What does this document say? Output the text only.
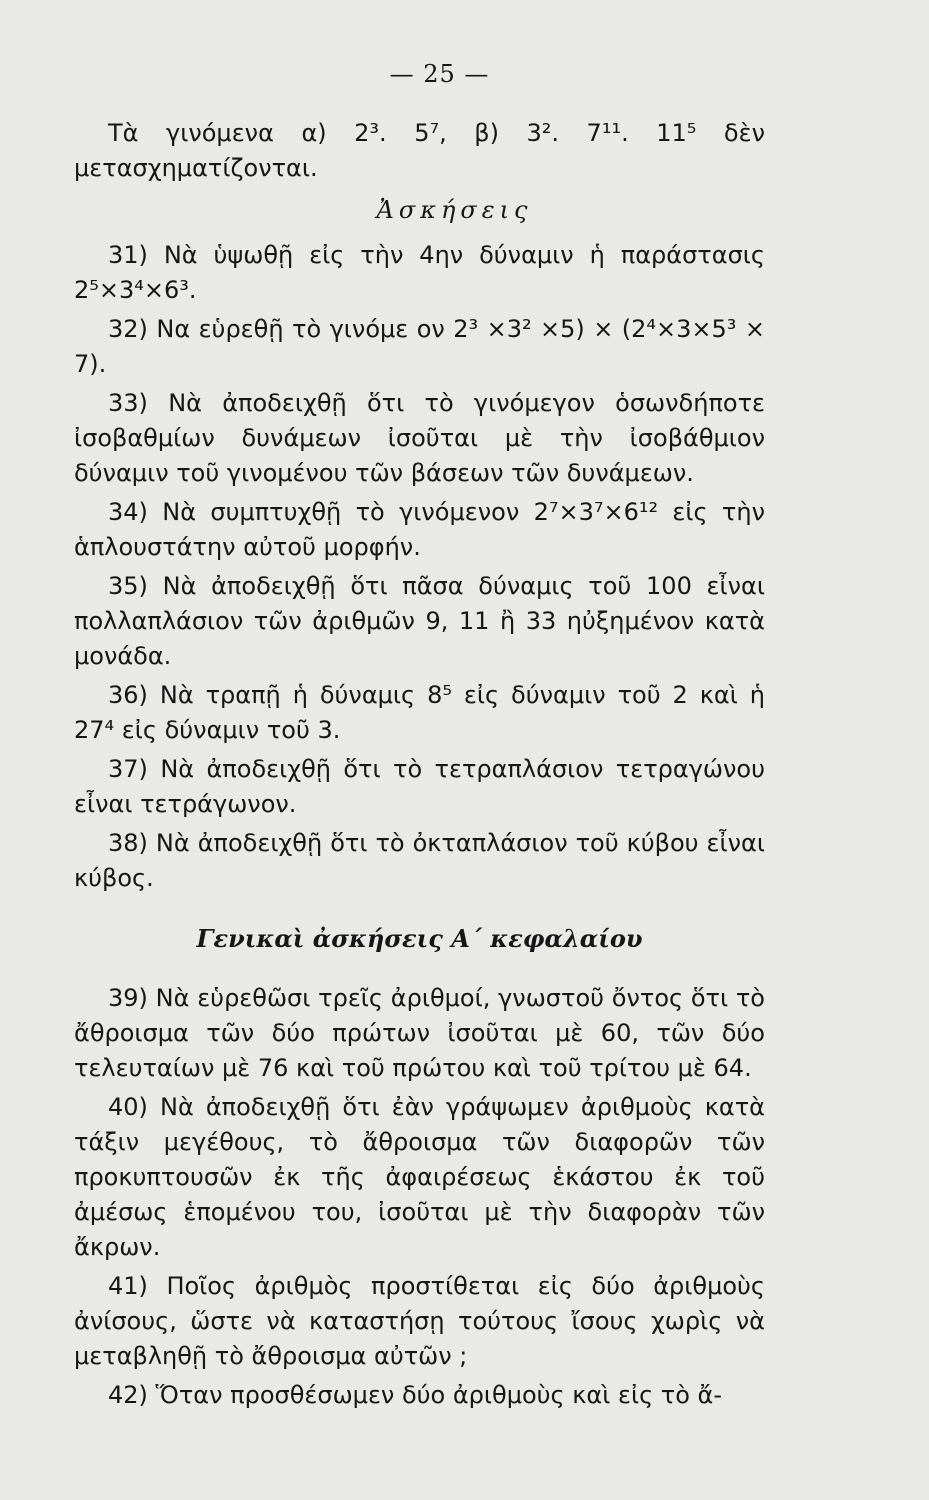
— 25 —

Τὰ γινόμενα α) 2³. 5⁷, β) 3². 7¹¹. 11⁵ δὲν μετασχηματίζονται.

Ἀσκήσεις

31) Νὰ ὑψωθῇ εἰς τὴν 4ην δύναμιν ἡ παράστασις 2⁵×3⁴×6³.

32) Να εὑρεθῇ τὸ γινόμε ον 2³ ×3² ×5) × (2⁴×3×5³ × 7).

33) Νὰ ἀποδειχθῇ ὅτι τὸ γινόμεγον ὁσωνδήποτε ἰσοβαθμίων δυνάμεων ἰσοῦται μὲ τὴν ἰσοβάθμιον δύναμιν τοῦ γινομένου τῶν βάσεων τῶν δυνάμεων.

34) Νὰ συμπτυχθῇ τὸ γινόμενον 2⁷×3⁷×6¹² εἰς τὴν ἁπλουστάτην αὐτοῦ μορφήν.

35) Νὰ ἀποδειχθῇ ὅτι πᾶσα δύναμις τοῦ 100 εἶναι πολλαπλάσιον τῶν ἀριθμῶν 9, 11 ἢ 33 ηὐξημένον κατὰ μονάδα.

36) Νὰ τραπῇ ἡ δύναμις 8⁵ εἰς δύναμιν τοῦ 2 καὶ ἡ 27⁴ εἰς δύναμιν τοῦ 3.

37) Νὰ ἀποδειχθῇ ὅτι τὸ τετραπλάσιον τετραγώνου εἶναι τετράγωνον.

38) Νὰ ἀποδειχθῇ ὅτι τὸ ὀκταπλάσιον τοῦ κύβου εἶναι κύβος.

Γενικαὶ ἀσκήσεις Α΄ κεφαλαίου

39) Νὰ εὑρεθῶσι τρεῖς ἀριθμοί, γνωστοῦ ὄντος ὅτι τὸ ἄθροισμα τῶν δύο πρώτων ἰσοῦται μὲ 60, τῶν δύο τελευταίων μὲ 76 καὶ τοῦ πρώτου καὶ τοῦ τρίτου μὲ 64.

40) Νὰ ἀποδειχθῇ ὅτι ἐὰν γράψωμεν ἀριθμοὺς κατὰ τάξιν μεγέθους, τὸ ἄθροισμα τῶν διαφορῶν τῶν προκυπτουσῶν ἐκ τῆς ἀφαιρέσεως ἑκάστου ἐκ τοῦ ἀμέσως ἑπομένου του, ἰσοῦται μὲ τὴν διαφορὰν τῶν ἄκρων.

41) Ποῖος ἀριθμὸς προστίθεται εἰς δύο ἀριθμοὺς ἀνίσους, ὥστε νὰ καταστήσῃ τούτους ἴσους χωρὶς νὰ μεταβληθῇ τὸ ἄθροισμα αὐτῶν ;

42) Ὅταν προσθέσωμεν δύο ἀριθμοὺς καὶ εἰς τὸ ἄ-
